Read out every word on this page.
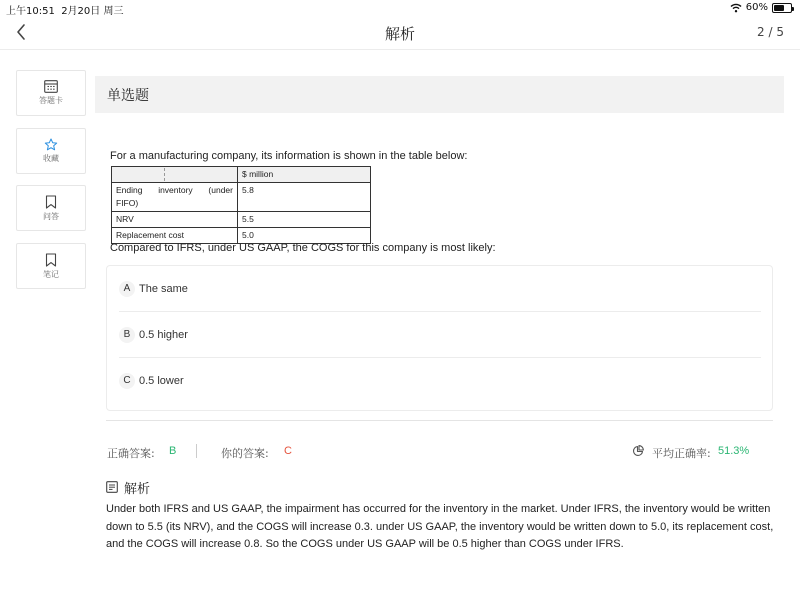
上午10:51 2月20日 周三	60%
解析	2 / 5
答题卡
收藏
问答
笔记
单选题
For a manufacturing company, its information is shown in the table below:
	$ million

Ending inventory (under
FIFO)	5.8
NRV	5.5
Replacement cost	5.0
Compared to IFRS, under US GAAP, the COGS for this company is most likely:
A The same
B 0.5 higher
C 0.5 lower
正确答案: B	你的答案: C	平均正确率: 51.3%
解析
Under both IFRS and US GAAP, the impairment has occurred for the inventory in the market. Under IFRS, the inventory would be written down to 5.5 (its NRV), and the COGS will increase 0.3. under US GAAP, the inventory would be written down to 5.0, its replacement cost, and the COGS will increase 0.8. So the COGS under US GAAP will be 0.5 higher than COGS under IFRS.
